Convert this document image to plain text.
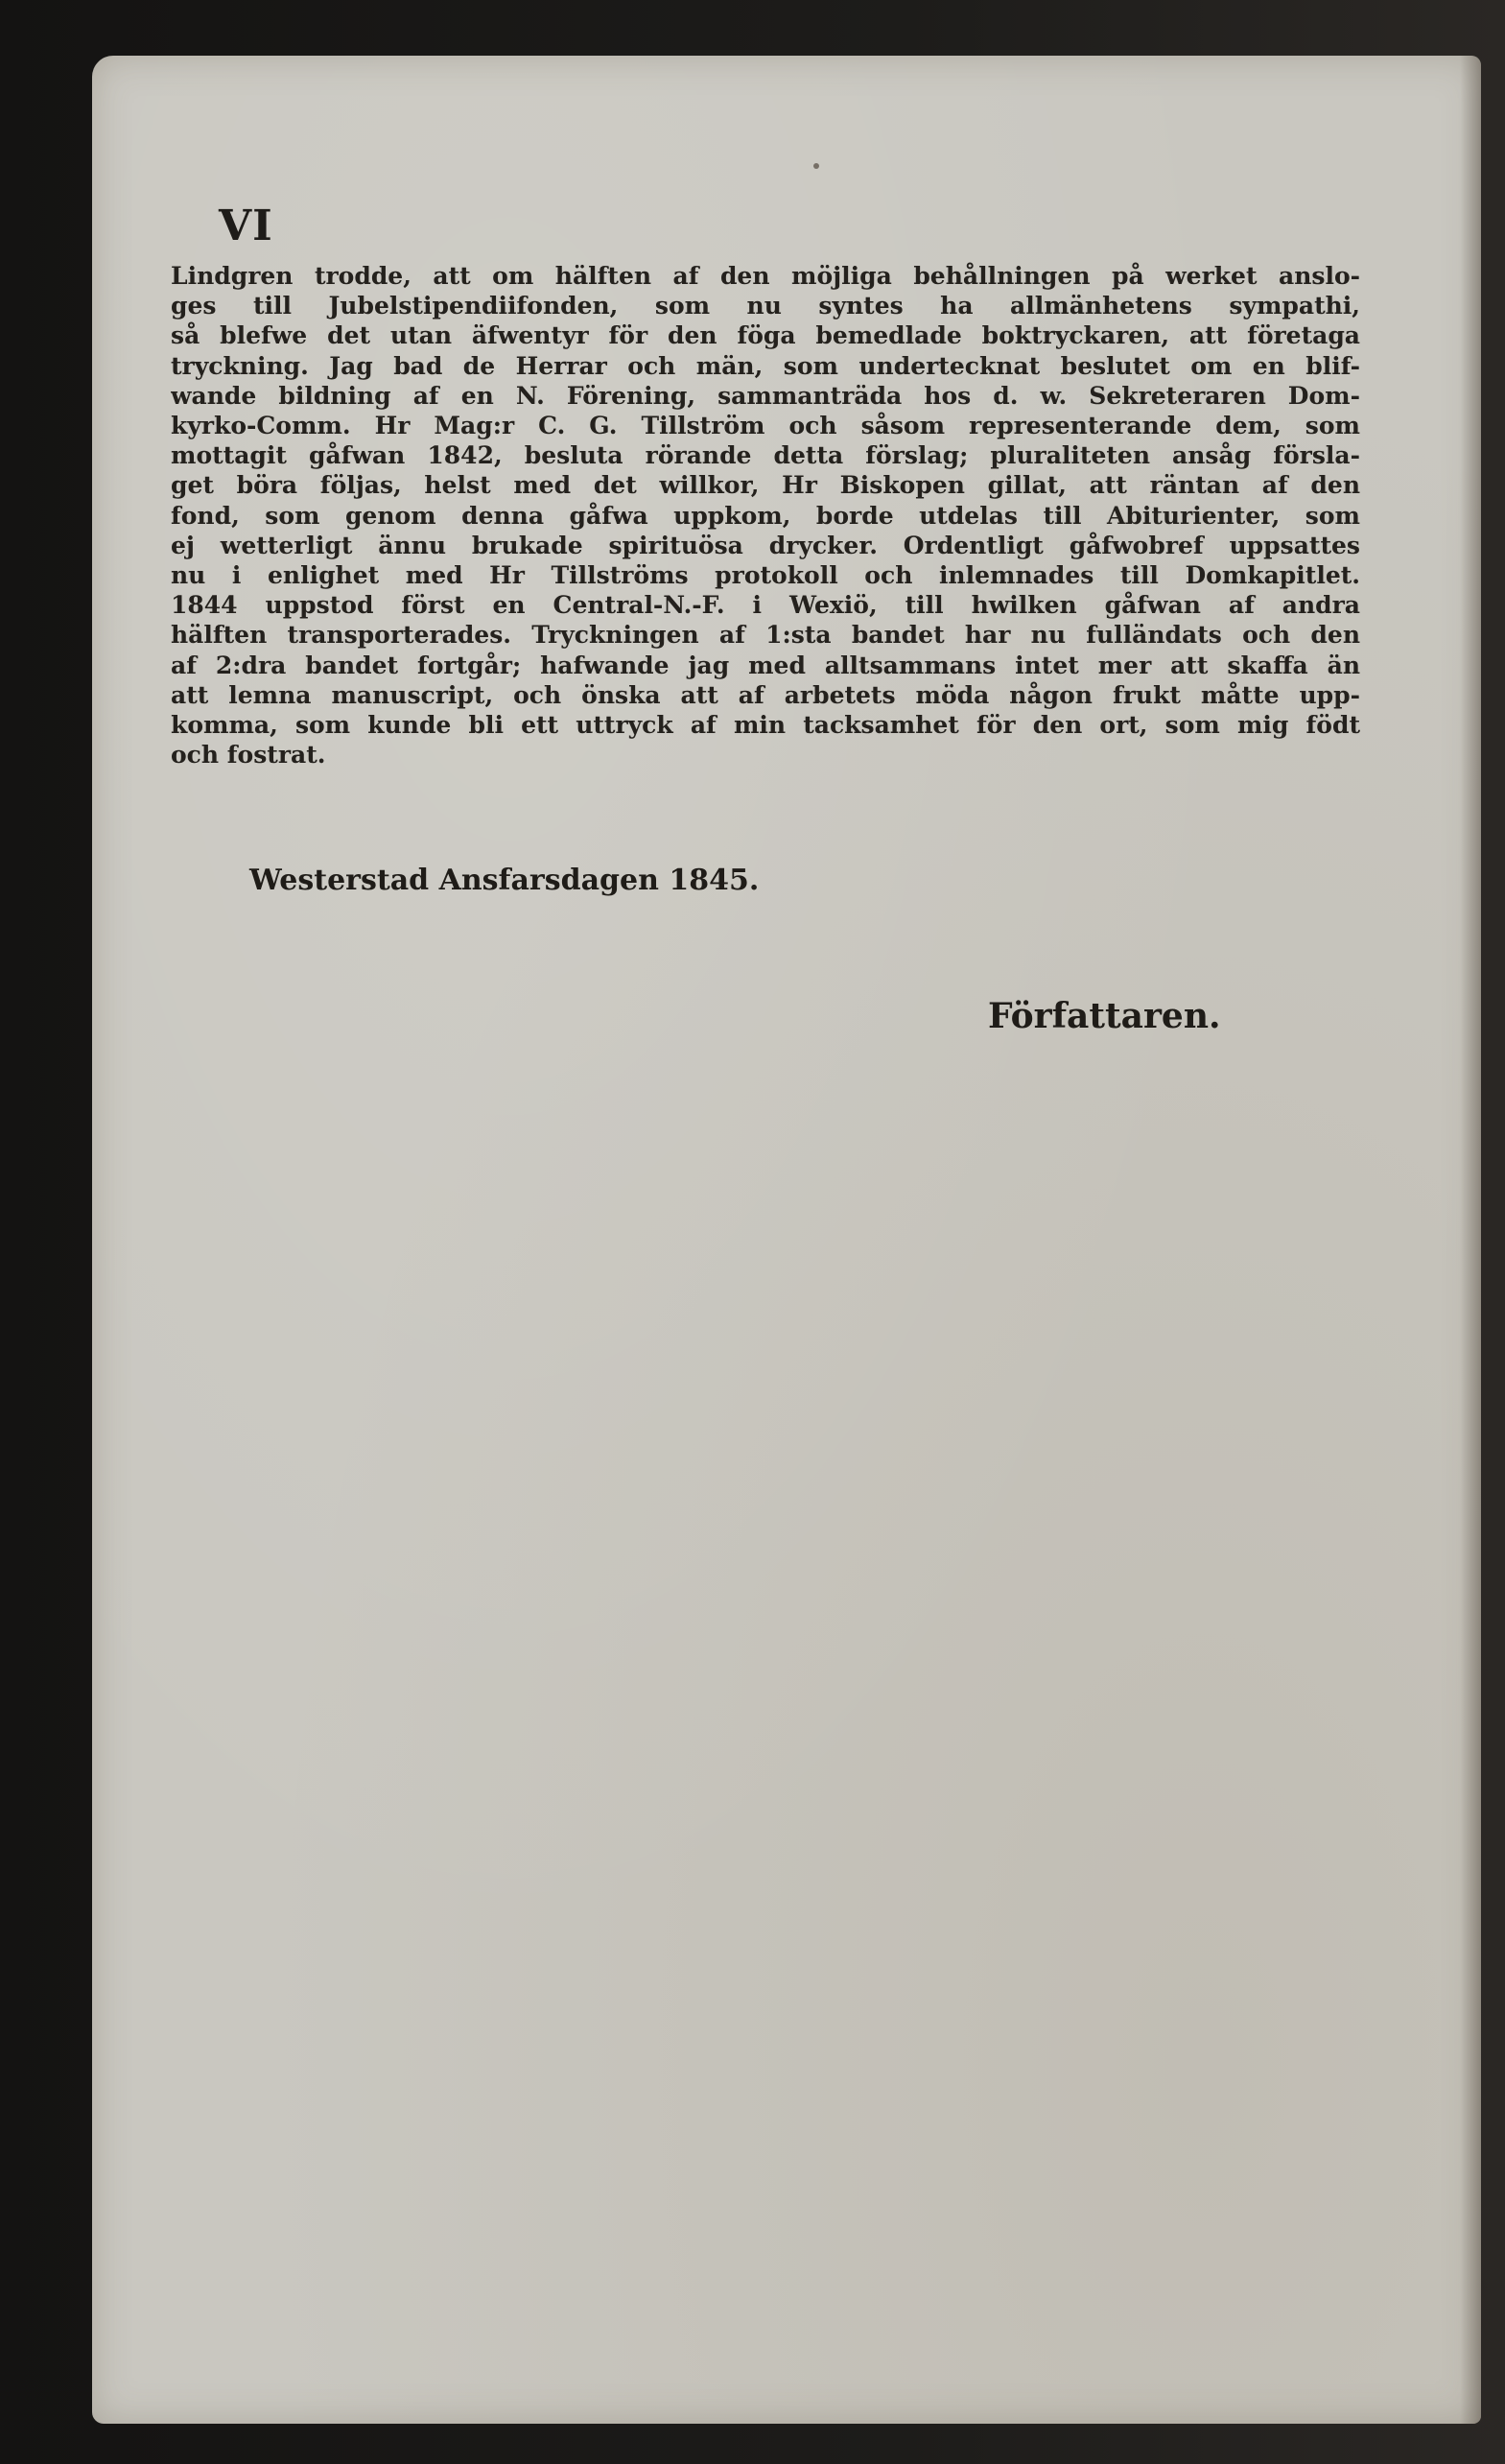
VI
Lindgren trodde, att om hälften af den möjliga behållningen på werket anslo-
ges till Jubelstipendiifonden, som nu syntes ha allmänhetens sympathi,
så blefwe det utan äfwentyr för den föga bemedlade boktryckaren, att företaga
tryckning. Jag bad de Herrar och män, som undertecknat beslutet om en blif-
wande bildning af en N. Förening, sammanträda hos d. w. Sekreteraren Dom-
kyrko-Comm. Hr Mag:r C. G. Tillström och såsom representerande dem, som
mottagit gåfwan 1842, besluta rörande detta förslag; pluraliteten ansåg försla-
get böra följas, helst med det willkor, Hr Biskopen gillat, att räntan af den
fond, som genom denna gåfwa uppkom, borde utdelas till Abiturienter, som
ej wetterligt ännu brukade spirituösa drycker. Ordentligt gåfwobref uppsattes
nu i enlighet med Hr Tillströms protokoll och inlemnades till Domkapitlet.
1844 uppstod först en Central-N.-F. i Wexiö, till hwilken gåfwan af andra
hälften transporterades. Tryckningen af 1:sta bandet har nu fulländats och den
af 2:dra bandet fortgår; hafwande jag med alltsammans intet mer att skaffa än
att lemna manuscript, och önska att af arbetets möda någon frukt måtte upp-
komma, som kunde bli ett uttryck af min tacksamhet för den ort, som mig födt
och fostrat.
Westerstad Ansfarsdagen 1845.
Författaren.
